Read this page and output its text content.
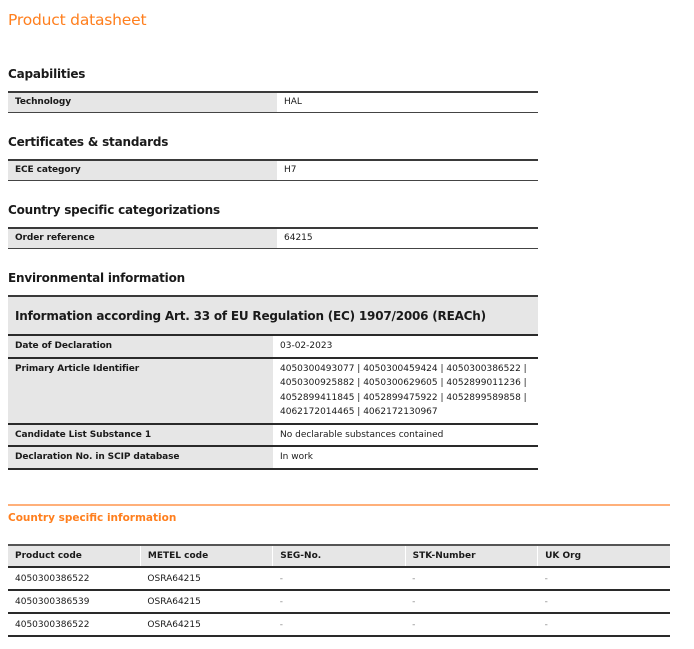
Product datasheet
Capabilities
Technology	HAL
Certificates & standards
ECE category	H7
Country specific categorizations
Order reference	64215
Environmental information
Information according Art. 33 of EU Regulation (EC) 1907/2006 (REACh)	
Date of Declaration	03-02-2023
Primary Article Identifier	4050300493077 | 4050300459424 | 4050300386522 | 4050300925882 | 4050300629605 | 4052899011236 | 4052899411845 | 4052899475922 | 4052899589858 | 4062172014465 | 4062172130967
Candidate List Substance 1	No declarable substances contained
Declaration No. in SCIP database	In work
Country specific information
Product code	METEL code	SEG-No.	STK-Number	UK Org
4050300386522	OSRA64215	-	-	-
4050300386539	OSRA64215	-	-	-
4050300386522	OSRA64215	-	-	-
